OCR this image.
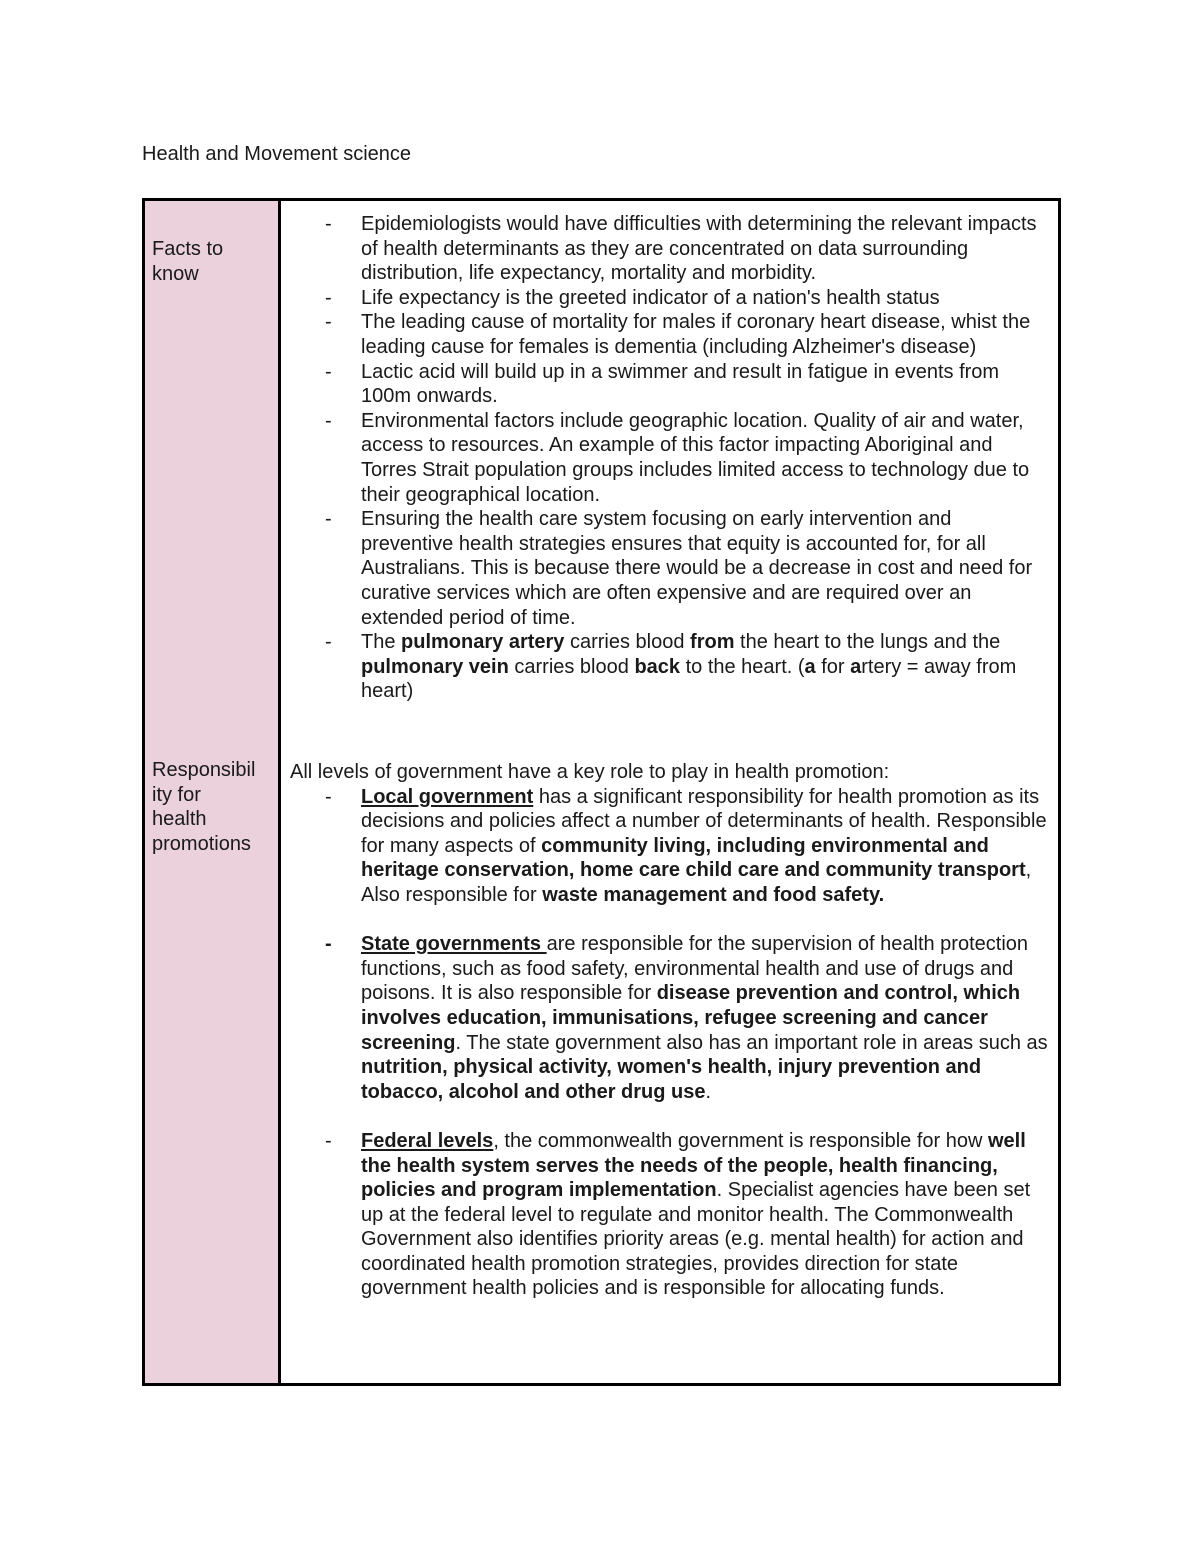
Health and Movement science
Facts to
know
Responsibil
ity for
health
promotions
- Epidemiologists would have difficulties with determining the relevant impacts of health determinants as they are concentrated on data surrounding distribution, life expectancy, mortality and morbidity.
- Life expectancy is the greeted indicator of a nation's health status
- The leading cause of mortality for males if coronary heart disease, whist the leading cause for females is dementia (including Alzheimer's disease)
- Lactic acid will build up in a swimmer and result in fatigue in events from 100m onwards.
- Environmental factors include geographic location. Quality of air and water, access to resources. An example of this factor impacting Aboriginal and Torres Strait population groups includes limited access to technology due to their geographical location.
- Ensuring the health care system focusing on early intervention and preventive health strategies ensures that equity is accounted for, for all Australians. This is because there would be a decrease in cost and need for curative services which are often expensive and are required over an extended period of time.
- The pulmonary artery carries blood from the heart to the lungs and the pulmonary vein carries blood back to the heart. (a for artery = away from heart)

All levels of government have a key role to play in health promotion:

- Local government has a significant responsibility for health promotion as its decisions and policies affect a number of determinants of health. Responsible for many aspects of community living, including environmental and heritage conservation, home care child care and community transport, Also responsible for waste management and food safety.
- State governments are responsible for the supervision of health protection functions, such as food safety, environmental health and use of drugs and poisons. It is also responsible for disease prevention and control, which involves education, immunisations, refugee screening and cancer screening. The state government also has an important role in areas such as nutrition, physical activity, women's health, injury prevention and tobacco, alcohol and other drug use.
- Federal levels, the commonwealth government is responsible for how well the health system serves the needs of the people, health financing, policies and program implementation. Specialist agencies have been set up at the federal level to regulate and monitor health. The Commonwealth Government also identifies priority areas (e.g. mental health) for action and coordinated health promotion strategies, provides direction for state government health policies and is responsible for allocating funds.
